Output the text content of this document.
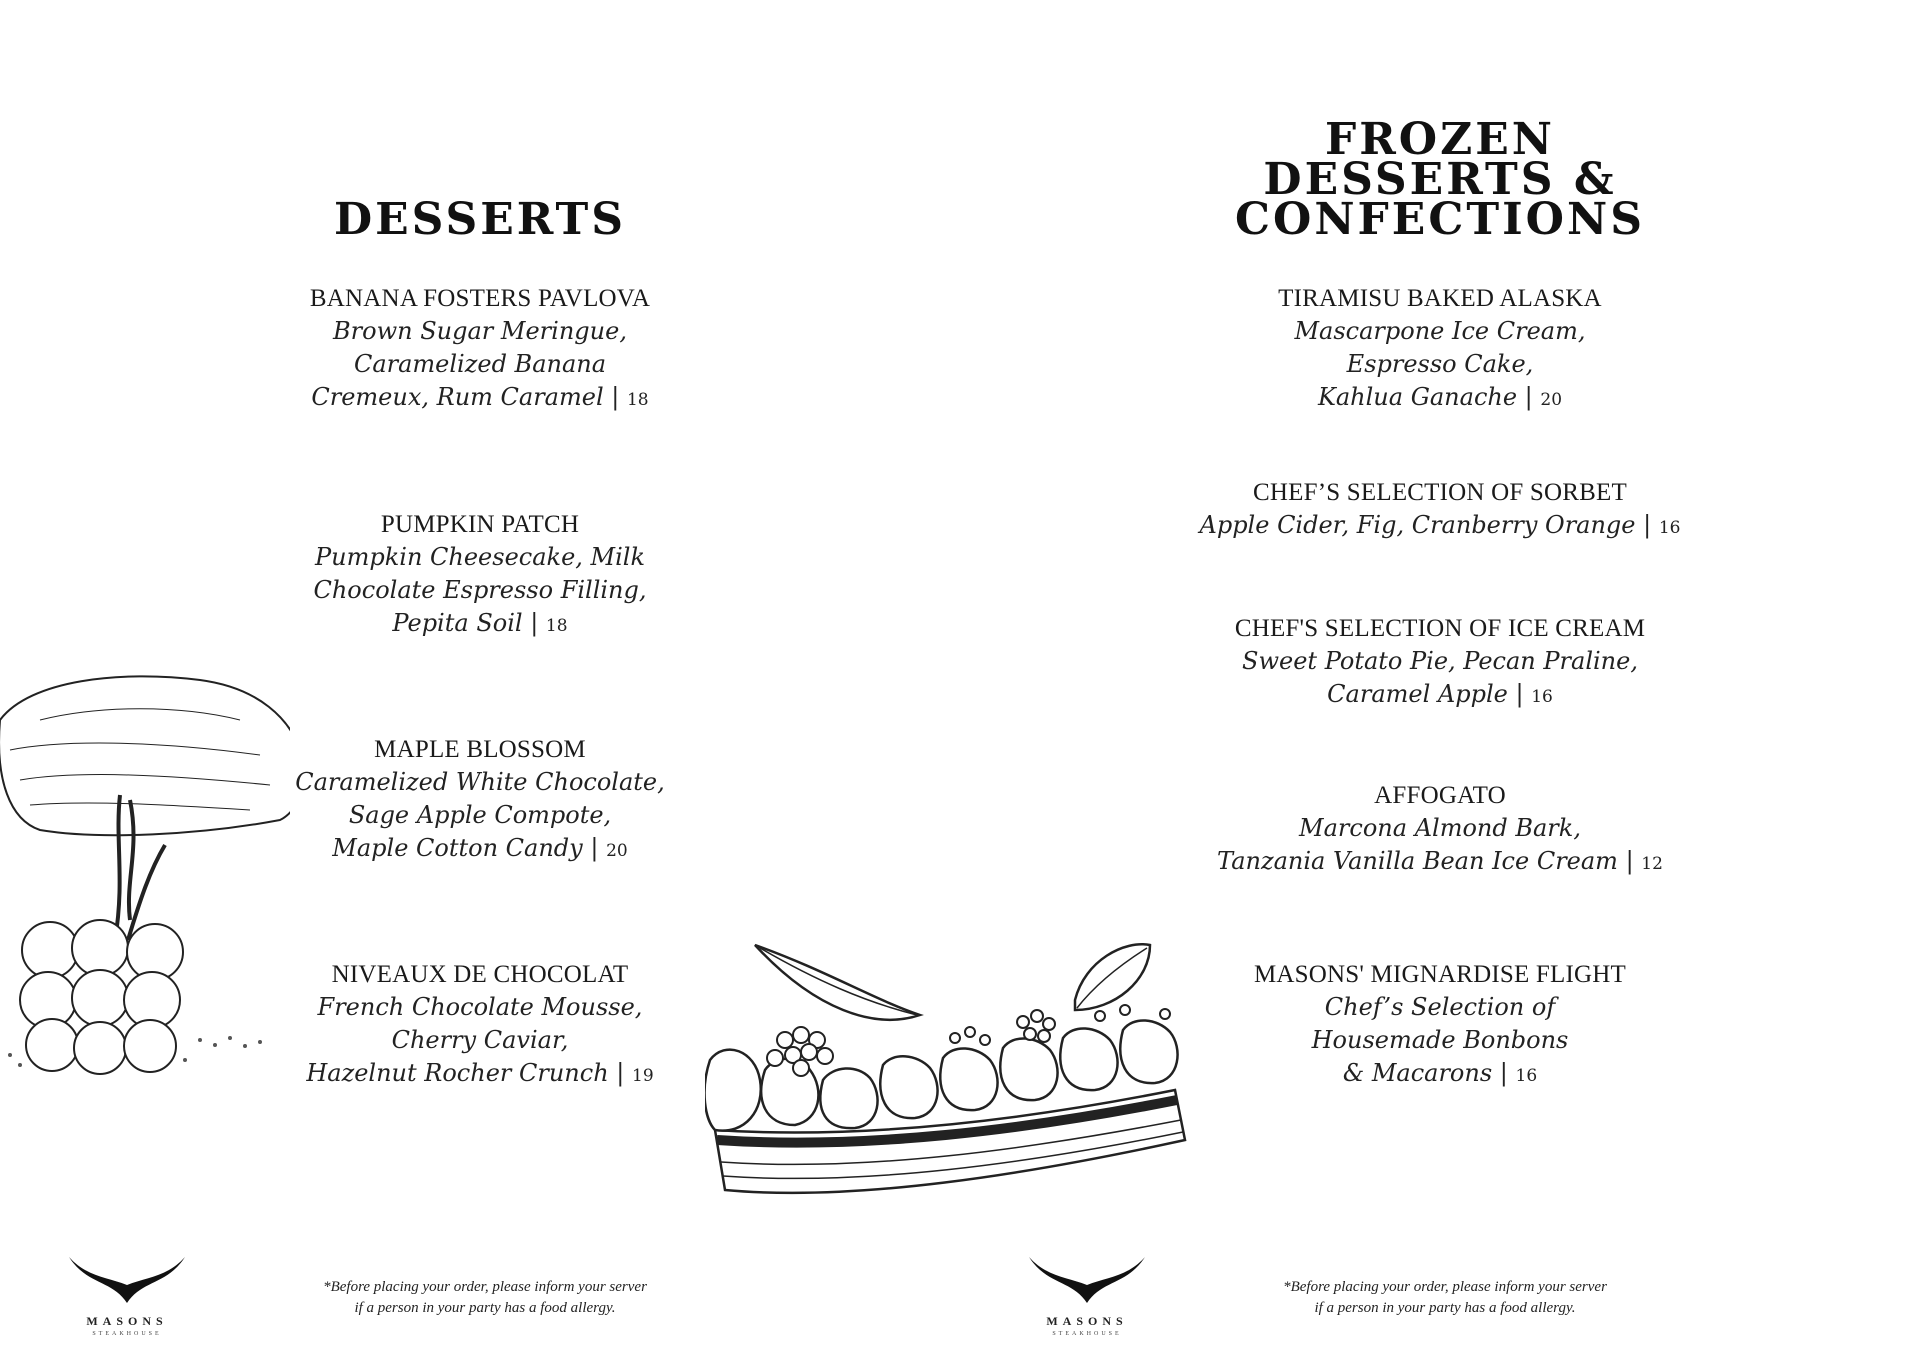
DESSERTS
BANANA FOSTERS PAVLOVA
Brown Sugar Meringue,
Caramelized Banana
Cremeux, Rum Caramel | 18
PUMPKIN PATCH
Pumpkin Cheesecake, Milk
Chocolate Espresso Filling,
Pepita Soil | 18
MAPLE BLOSSOM
Caramelized White Chocolate,
Sage Apple Compote,
Maple Cotton Candy | 20
NIVEAUX DE CHOCOLAT
French Chocolate Mousse,
Cherry Caviar,
Hazelnut Rocher Crunch | 19
MASONS
STEAKHOUSE
*Before placing your order, please inform your server
if a person in your party has a food allergy.
FROZEN
DESSERTS &
CONFECTIONS
TIRAMISU BAKED ALASKA
Mascarpone Ice Cream,
Espresso Cake,
Kahlua Ganache | 20
CHEF’S SELECTION OF SORBET
Apple Cider, Fig, Cranberry Orange | 16
CHEF'S SELECTION OF ICE CREAM
Sweet Potato Pie, Pecan Praline,
Caramel Apple | 16
AFFOGATO
Marcona Almond Bark,
Tanzania Vanilla Bean Ice Cream | 12
MASONS' MIGNARDISE FLIGHT
Chef’s Selection of
Housemade Bonbons
& Macarons | 16
MASONS
STEAKHOUSE
*Before placing your order, please inform your server
if a person in your party has a food allergy.
